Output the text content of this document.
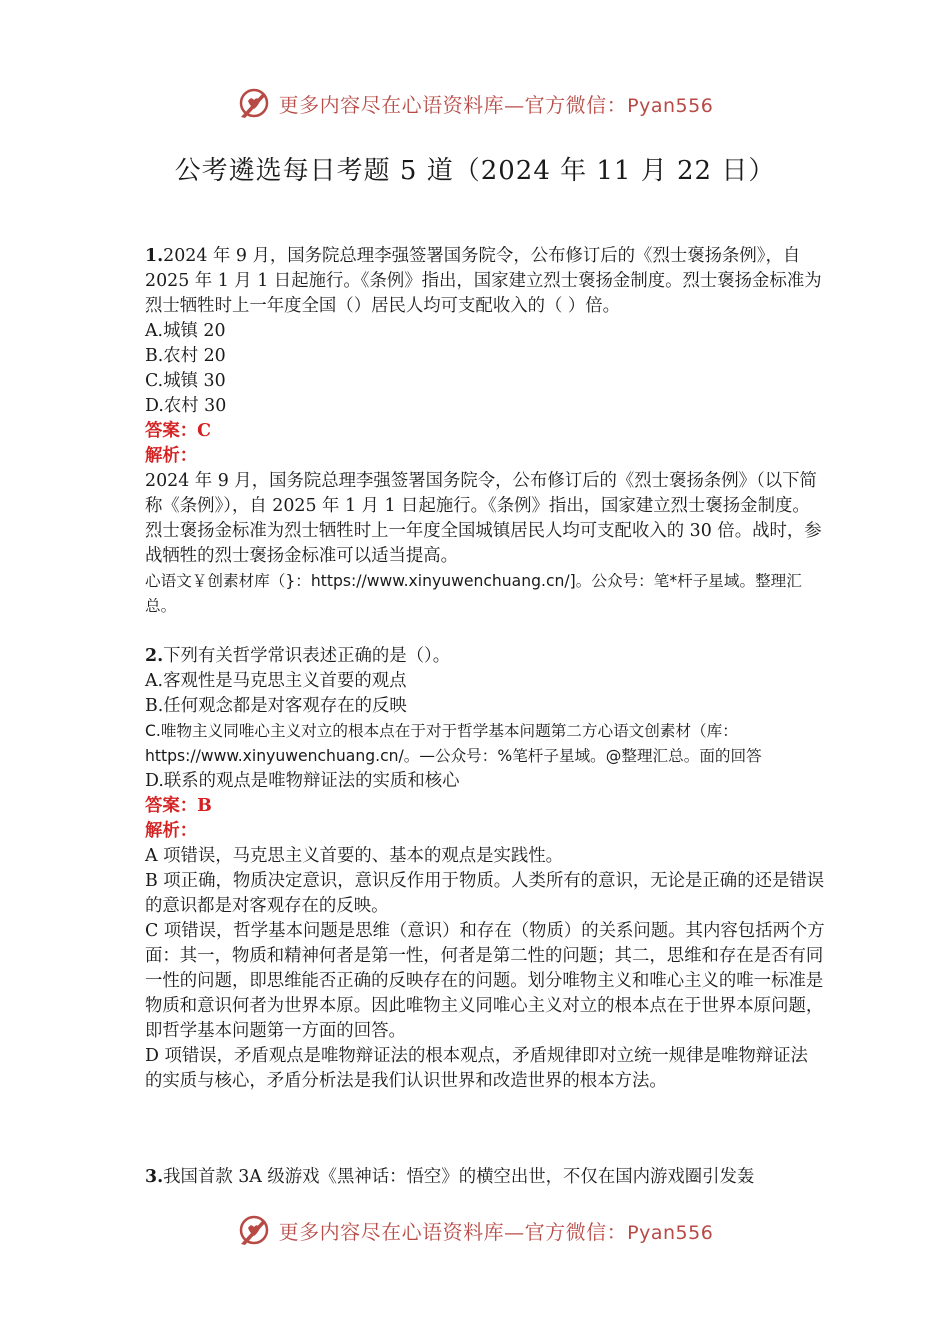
更多内容尽在心语资料库—官方微信：Pyan556
公考遴选每日考题 5 道（2024 年 11 月 22 日）

1.2024 年 9 月，国务院总理李强签署国务院令，公布修订后的《烈士褒扬条例》，自 2025 年 1 月 1 日起施行。《条例》指出，国家建立烈士褒扬金制度。烈士褒扬金标准为烈士牺牲时上一年度全国（）居民人均可支配收入的（ ）倍。

A.城镇 20

B.农村 20

C.城镇 30

D.农村 30

答案：C

解析：

2024 年 9 月，国务院总理李强签署国务院令，公布修订后的《烈士褒扬条例》（以下简称《条例》），自 2025 年 1 月 1 日起施行。《条例》指出，国家建立烈士褒扬金制度。烈士褒扬金标准为烈士牺牲时上一年度全国城镇居民人均可支配收入的 30 倍。战时，参战牺牲的烈士褒扬金标准可以适当提高。

心语文￥创素材库（}：https://www.xinyuwenchuang.cn/]。公众号：笔*杆子星域。整理汇总。

2.下列有关哲学常识表述正确的是（）。

A.客观性是马克思主义首要的观点

B.任何观念都是对客观存在的反映

C.唯物主义同唯心主义对立的根本点在于对于哲学基本问题第二方心语文创素材（库：https://www.xinyuwenchuang.cn/。—公众号：%笔杆子星域。@整理汇总。面的回答

D.联系的观点是唯物辩证法的实质和核心

答案：B

解析：

A 项错误，马克思主义首要的、基本的观点是实践性。

B 项正确，物质决定意识，意识反作用于物质。人类所有的意识，无论是正确的还是错误的意识都是对客观存在的反映。

C 项错误，哲学基本问题是思维（意识）和存在（物质）的关系问题。其内容包括两个方面：其一，物质和精神何者是第一性，何者是第二性的问题；其二，思维和存在是否有同一性的问题，即思维能否正确的反映存在的问题。划分唯物主义和唯心主义的唯一标准是物质和意识何者为世界本原。因此唯物主义同唯心主义对立的根本点在于世界本原问题，即哲学基本问题第一方面的回答。

D 项错误，矛盾观点是唯物辩证法的根本观点，矛盾规律即对立统一规律是唯物辩证法的实质与核心，矛盾分析法是我们认识世界和改造世界的根本方法。

3.我国首款 3A 级游戏《黑神话：悟空》的横空出世，不仅在国内游戏圈引发轰

更多内容尽在心语资料库—官方微信：Pyan556
